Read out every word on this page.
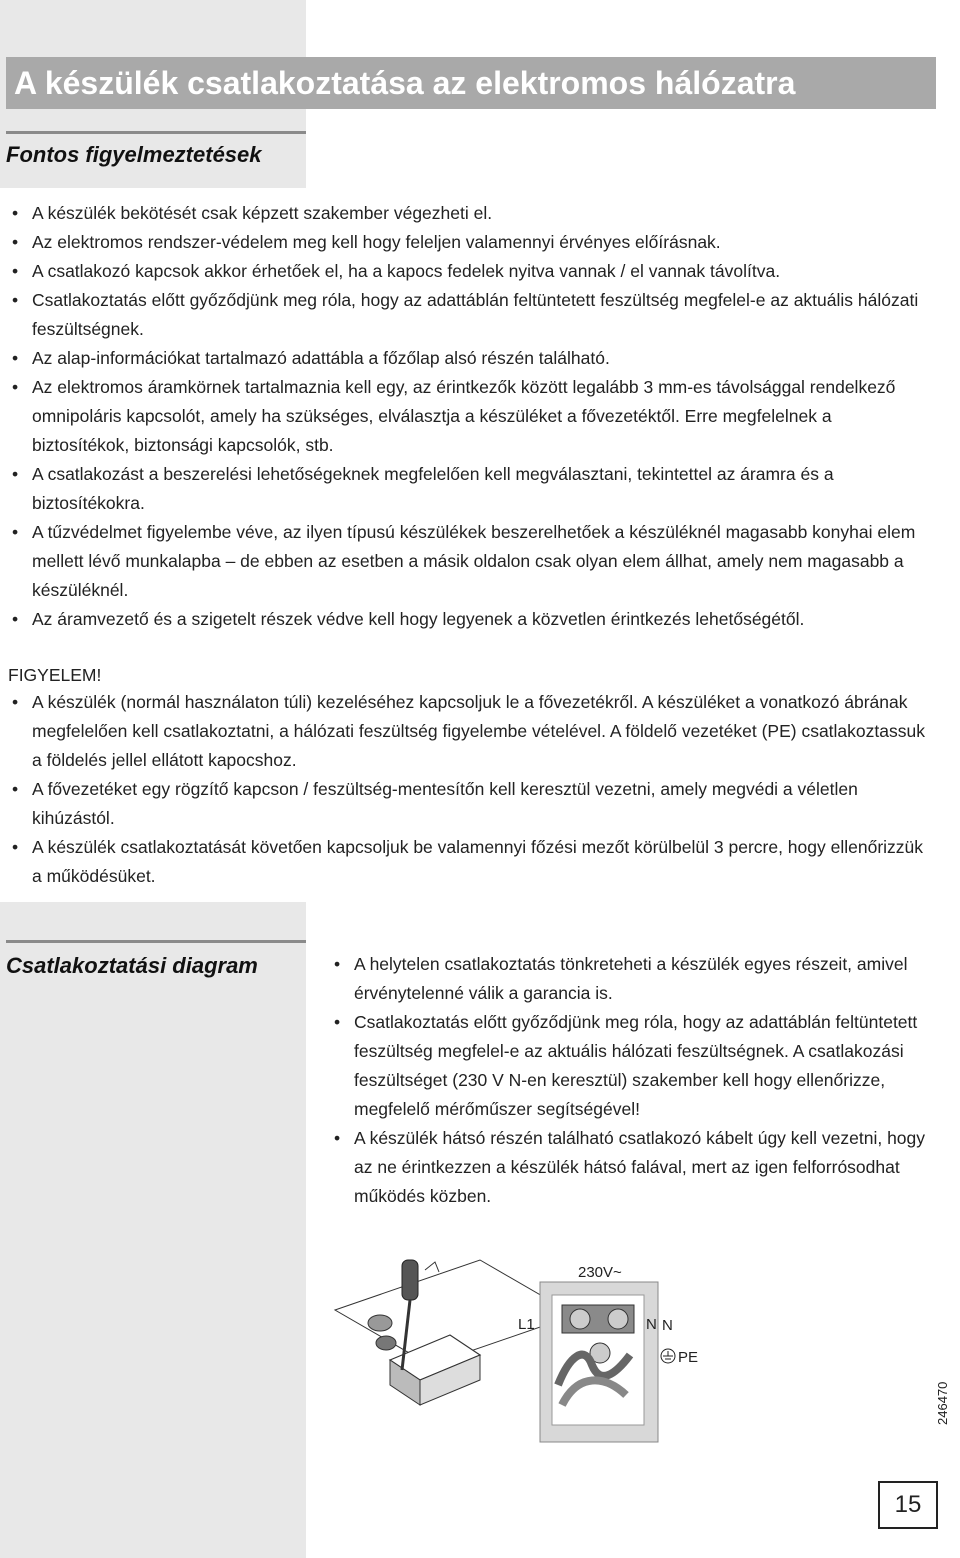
A készülék csatlakoztatása az elektromos hálózatra
Fontos figyelmeztetések
• A készülék bekötését csak képzett szakember végezheti el.
• Az elektromos rendszer-védelem meg kell hogy feleljen valamennyi érvényes előírásnak.
• A csatlakozó kapcsok akkor érhetőek el, ha a kapocs fedelek nyitva vannak / el vannak távolítva.
• Csatlakoztatás előtt győződjünk meg róla, hogy az adattáblán feltüntetett feszültség megfelel-e az aktuális hálózati feszültségnek.
• Az alap-információkat tartalmazó adattábla a főzőlap alsó részén található.
• Az elektromos áramkörnek tartalmaznia kell egy, az érintkezők között legalább 3 mm-es távolsággal rendelkező omnipoláris kapcsolót, amely ha szükséges, elválasztja a készüléket a fővezetéktől. Erre megfelelnek a biztosítékok, biztonsági kapcsolók, stb.
• A csatlakozást a beszerelési lehetőségeknek megfelelően kell megválasztani, tekintettel az áramra és a biztosítékokra.
• A tűzvédelmet figyelembe véve, az ilyen típusú készülékek beszerelhetőek a készüléknél magasabb konyhai elem mellett lévő munkalapba – de ebben az esetben a másik oldalon csak olyan elem állhat, amely nem magasabb a készüléknél.
• Az áramvezető és a szigetelt részek védve kell hogy legyenek a közvetlen érintkezés lehetőségétől.
FIGYELEM!
• A készülék (normál használaton túli) kezeléséhez kapcsoljuk le a fővezetékről. A készüléket a vonatkozó ábrának megfelelően kell csatlakoztatni, a hálózati feszültség figyelembe vételével. A földelő vezetéket (PE) csatlakoztassuk a földelés jellel ellátott kapocshoz.
• A fővezetéket egy rögzítő kapcson / feszültség-mentesítőn kell keresztül vezetni, amely megvédi a véletlen kihúzástól.
• A készülék csatlakoztatását követően kapcsoljuk be valamennyi főzési mezőt körülbelül 3 percre, hogy ellenőrizzük a működésüket.
Csatlakoztatási diagram
•	A helytelen csatlakoztatás tönkreteheti a készülék egyes részeit, amivel érvénytelenné válik a garancia is.
• Csatlakoztatás előtt győződjünk meg róla, hogy az adattáblán feltüntetett feszültség megfelel-e az aktuális hálózati feszültségnek. A csatlakozási feszültséget (230 V N-en keresztül) szakember kell hogy ellenőrizze, megfelelő mérőműszer segítségével!
• A készülék hátsó részén található csatlakozó kábelt úgy kell vezetni, hogy az ne érintkezzen a készülék hátsó falával, mert az igen felforrósodhat működés közben.
230V~
L1	N N
PE
246470
15
